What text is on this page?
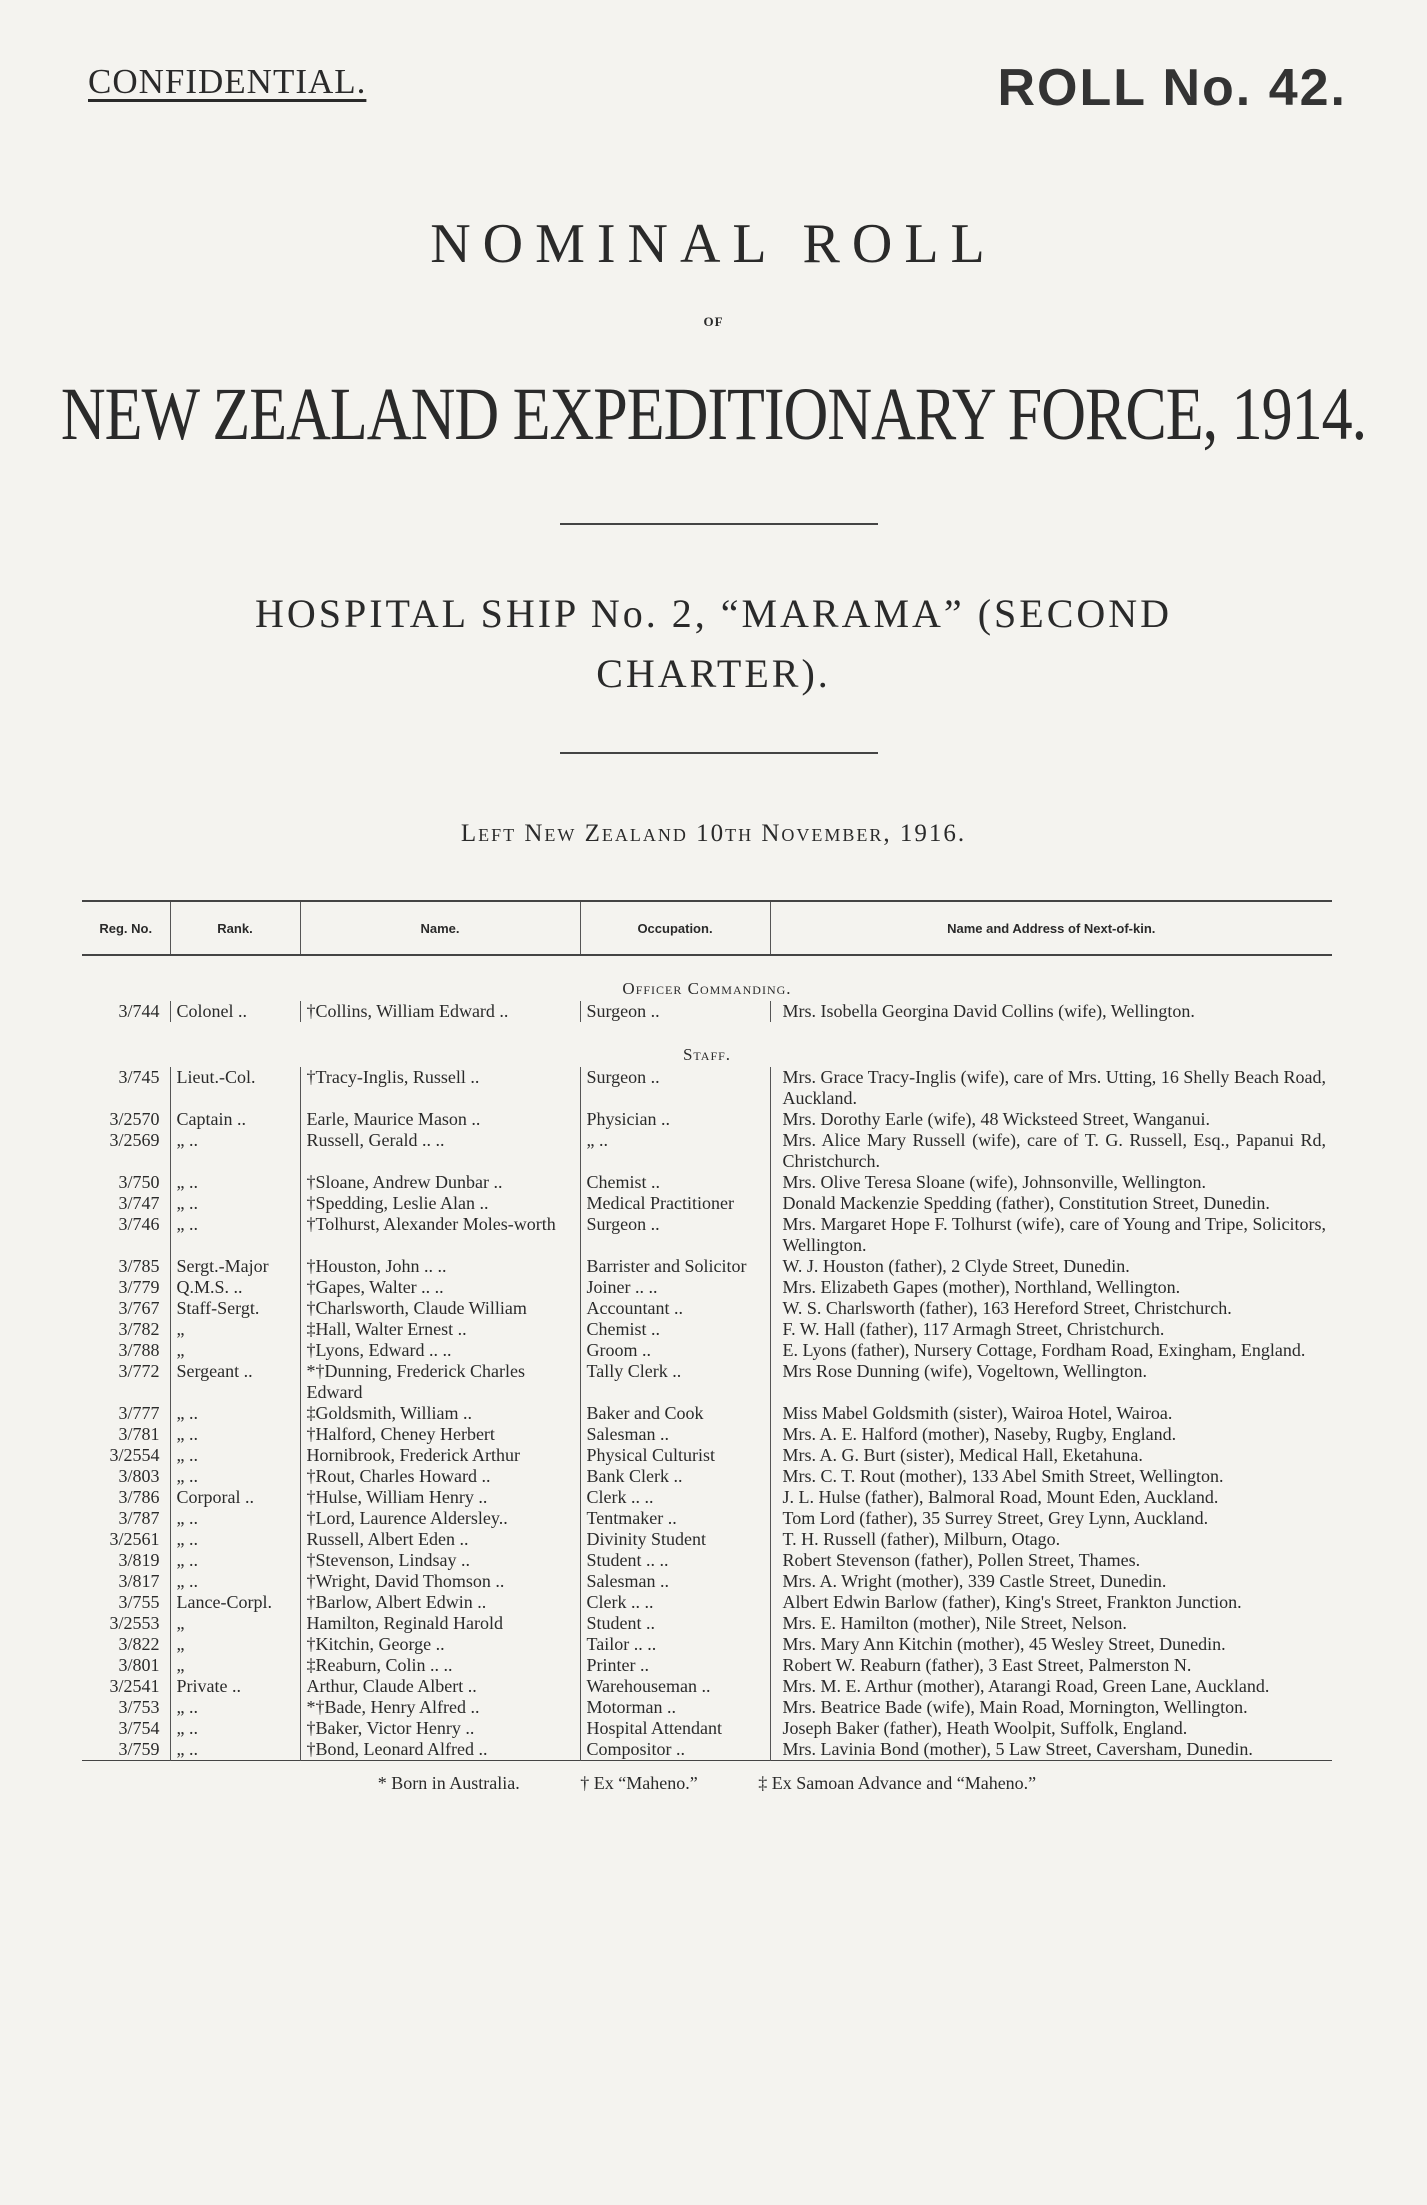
CONFIDENTIAL.	ROLL No. 42.
NOMINAL ROLL
OF
NEW ZEALAND EXPEDITIONARY FORCE, 1914.
HOSPITAL SHIP No. 2, “MARAMA” (SECOND CHARTER).
Left New Zealand 10th November, 1916.
Reg. No.	Rank.	Name.	Occupation.	Name and Address of Next-of-kin.
Officer Commanding.				
3/744	Colonel ..	†Collins, William Edward ..	Surgeon ..	Mrs. Isobella Georgina David Collins (wife), Wellington.
Staff.				
3/745	Lieut.-Col.	†Tracy-Inglis, Russell ..	Surgeon ..	Mrs. Grace Tracy-Inglis (wife), care of Mrs. Utting, 16 Shelly Beach Road, Auckland.
3/2570	Captain ..	Earle, Maurice Mason ..	Physician ..	Mrs. Dorothy Earle (wife), 48 Wicksteed Street, Wanganui.
3/2569	„ ..	Russell, Gerald .. ..	„ ..	Mrs. Alice Mary Russell (wife), care of T. G. Russell, Esq., Papanui Rd, Christchurch.
3/750	„ ..	†Sloane, Andrew Dunbar ..	Chemist ..	Mrs. Olive Teresa Sloane (wife), Johnsonville, Wellington.
3/747	„ ..	†Spedding, Leslie Alan ..	Medical Practitioner	Donald Mackenzie Spedding (father), Constitution Street, Dunedin.
3/746	„ ..	†Tolhurst, Alexander Moles-worth	Surgeon ..	Mrs. Margaret Hope F. Tolhurst (wife), care of Young and Tripe, Solicitors, Wellington.
3/785	Sergt.-Major	†Houston, John .. ..	Barrister and Solicitor	W. J. Houston (father), 2 Clyde Street, Dunedin.
3/779	Q.M.S. ..	†Gapes, Walter .. ..	Joiner .. ..	Mrs. Elizabeth Gapes (mother), Northland, Wellington.
3/767	Staff-Sergt.	†Charlsworth, Claude William	Accountant ..	W. S. Charlsworth (father), 163 Hereford Street, Christchurch.
3/782	„	‡Hall, Walter Ernest ..	Chemist ..	F. W. Hall (father), 117 Armagh Street, Christchurch.
3/788	„	†Lyons, Edward .. ..	Groom ..	E. Lyons (father), Nursery Cottage, Fordham Road, Exingham, England.
3/772	Sergeant ..	*†Dunning, Frederick Charles Edward	Tally Clerk ..	Mrs Rose Dunning (wife), Vogeltown, Wellington.
3/777	„ ..	‡Goldsmith, William ..	Baker and Cook	Miss Mabel Goldsmith (sister), Wairoa Hotel, Wairoa.
3/781	„ ..	†Halford, Cheney Herbert	Salesman ..	Mrs. A. E. Halford (mother), Naseby, Rugby, England.
3/2554	„ ..	Hornibrook, Frederick Arthur	Physical Culturist	Mrs. A. G. Burt (sister), Medical Hall, Eketahuna.
3/803	„ ..	†Rout, Charles Howard ..	Bank Clerk ..	Mrs. C. T. Rout (mother), 133 Abel Smith Street, Wellington.
3/786	Corporal ..	†Hulse, William Henry ..	Clerk .. ..	J. L. Hulse (father), Balmoral Road, Mount Eden, Auckland.
3/787	„ ..	†Lord, Laurence Aldersley..	Tentmaker ..	Tom Lord (father), 35 Surrey Street, Grey Lynn, Auckland.
3/2561	„ ..	Russell, Albert Eden ..	Divinity Student	T. H. Russell (father), Milburn, Otago.
3/819	„ ..	†Stevenson, Lindsay ..	Student .. ..	Robert Stevenson (father), Pollen Street, Thames.
3/817	„ ..	†Wright, David Thomson ..	Salesman ..	Mrs. A. Wright (mother), 339 Castle Street, Dunedin.
3/755	Lance-Corpl.	†Barlow, Albert Edwin ..	Clerk .. ..	Albert Edwin Barlow (father), King's Street, Frankton Junction.
3/2553	„	Hamilton, Reginald Harold	Student ..	Mrs. E. Hamilton (mother), Nile Street, Nelson.
3/822	„	†Kitchin, George ..	Tailor .. ..	Mrs. Mary Ann Kitchin (mother), 45 Wesley Street, Dunedin.
3/801	„	‡Reaburn, Colin .. ..	Printer ..	Robert W. Reaburn (father), 3 East Street, Palmerston N.
3/2541	Private ..	Arthur, Claude Albert ..	Warehouseman ..	Mrs. M. E. Arthur (mother), Atarangi Road, Green Lane, Auckland.
3/753	„ ..	*†Bade, Henry Alfred ..	Motorman ..	Mrs. Beatrice Bade (wife), Main Road, Mornington, Wellington.
3/754	„ ..	†Baker, Victor Henry ..	Hospital Attendant	Joseph Baker (father), Heath Woolpit, Suffolk, England.
3/759	„ ..	†Bond, Leonard Alfred ..	Compositor ..	Mrs. Lavinia Bond (mother), 5 Law Street, Caversham, Dunedin.
* Born in Australia. † Ex “Maheno.” ‡ Ex Samoan Advance and “Maheno.”				
